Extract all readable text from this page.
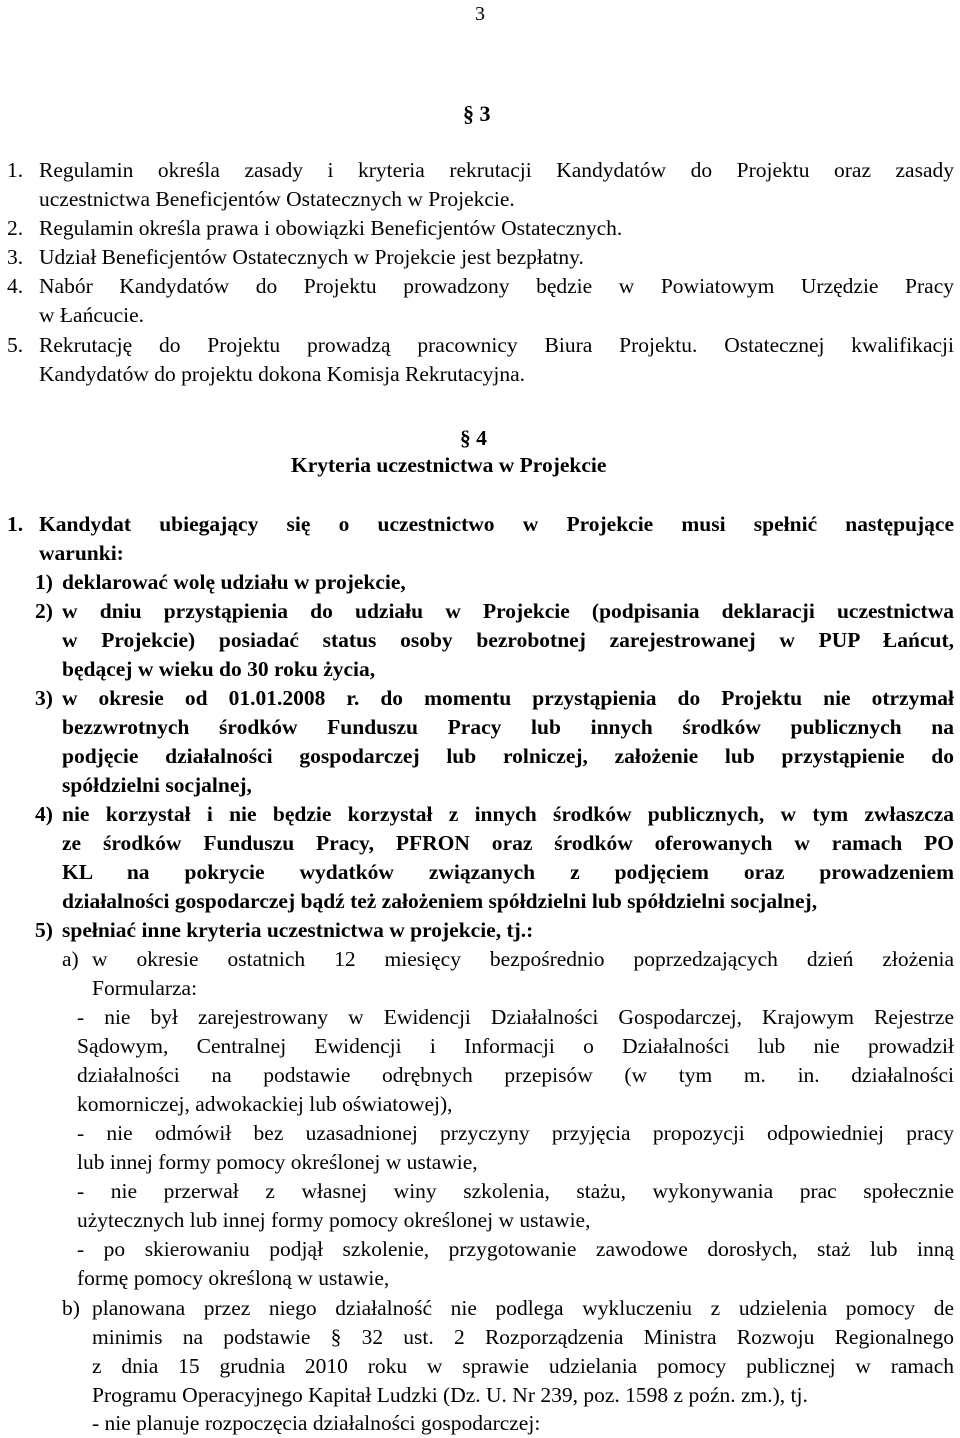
3
§ 3
1. Regulamin określa zasady i kryteria rekrutacji Kandydatów do Projektu oraz zasady
uczestnictwa Beneficjentów Ostatecznych w Projekcie.
2. Regulamin określa prawa i obowiązki Beneficjentów Ostatecznych.
3. Udział Beneficjentów Ostatecznych w Projekcie jest bezpłatny.
4. Nabór Kandydatów do Projektu prowadzony będzie w Powiatowym Urzędzie Pracy
w Łańcucie.
5. Rekrutację do Projektu prowadzą pracownicy Biura Projektu. Ostatecznej kwalifikacji
Kandydatów do projektu dokona Komisja Rekrutacyjna.
§ 4
Kryteria uczestnictwa w Projekcie
1. Kandydat ubiegający się o uczestnictwo w Projekcie musi spełnić następujące
warunki:
1) deklarować wolę udziału w projekcie,
2) w dniu przystąpienia do udziału w Projekcie (podpisania deklaracji uczestnictwa
w Projekcie) posiadać status osoby bezrobotnej zarejestrowanej w PUP Łańcut,
będącej w wieku do 30 roku życia,
3) w okresie od 01.01.2008 r. do momentu przystąpienia do Projektu nie otrzymał
bezzwrotnych środków Funduszu Pracy lub innych środków publicznych na
podjęcie działalności gospodarczej lub rolniczej, założenie lub przystąpienie do
spółdzielni socjalnej,
4) nie korzystał i nie będzie korzystał z innych środków publicznych, w tym zwłaszcza
ze środków Funduszu Pracy, PFRON oraz środków oferowanych w ramach PO
KL na pokrycie wydatków związanych z podjęciem oraz prowadzeniem
działalności gospodarczej bądź też założeniem spółdzielni lub spółdzielni socjalnej,
5) spełniać inne kryteria uczestnictwa w projekcie, tj.:
a) w okresie ostatnich 12 miesięcy bezpośrednio poprzedzających dzień złożenia
Formularza:
- nie był zarejestrowany w Ewidencji Działalności Gospodarczej, Krajowym Rejestrze
Sądowym, Centralnej Ewidencji i Informacji o Działalności lub nie prowadził
działalności na podstawie odrębnych przepisów (w tym m. in. działalności
komorniczej, adwokackiej lub oświatowej),
- nie odmówił bez uzasadnionej przyczyny przyjęcia propozycji odpowiedniej pracy
lub innej formy pomocy określonej w ustawie,
- nie przerwał z własnej winy szkolenia, stażu, wykonywania prac społecznie
użytecznych lub innej formy pomocy określonej w ustawie,
- po skierowaniu podjął szkolenie, przygotowanie zawodowe dorosłych, staż lub inną
formę pomocy określoną w ustawie,
b) planowana przez niego działalność nie podlega wykluczeniu z udzielenia pomocy de
minimis na podstawie § 32 ust. 2 Rozporządzenia Ministra Rozwoju Regionalnego
z dnia 15 grudnia 2010 roku w sprawie udzielania pomocy publicznej w ramach
Programu Operacyjnego Kapitał Ludzki (Dz. U. Nr 239, poz. 1598 z poźn. zm.), tj.
- nie planuje rozpoczęcia działalności gospodarczej:
